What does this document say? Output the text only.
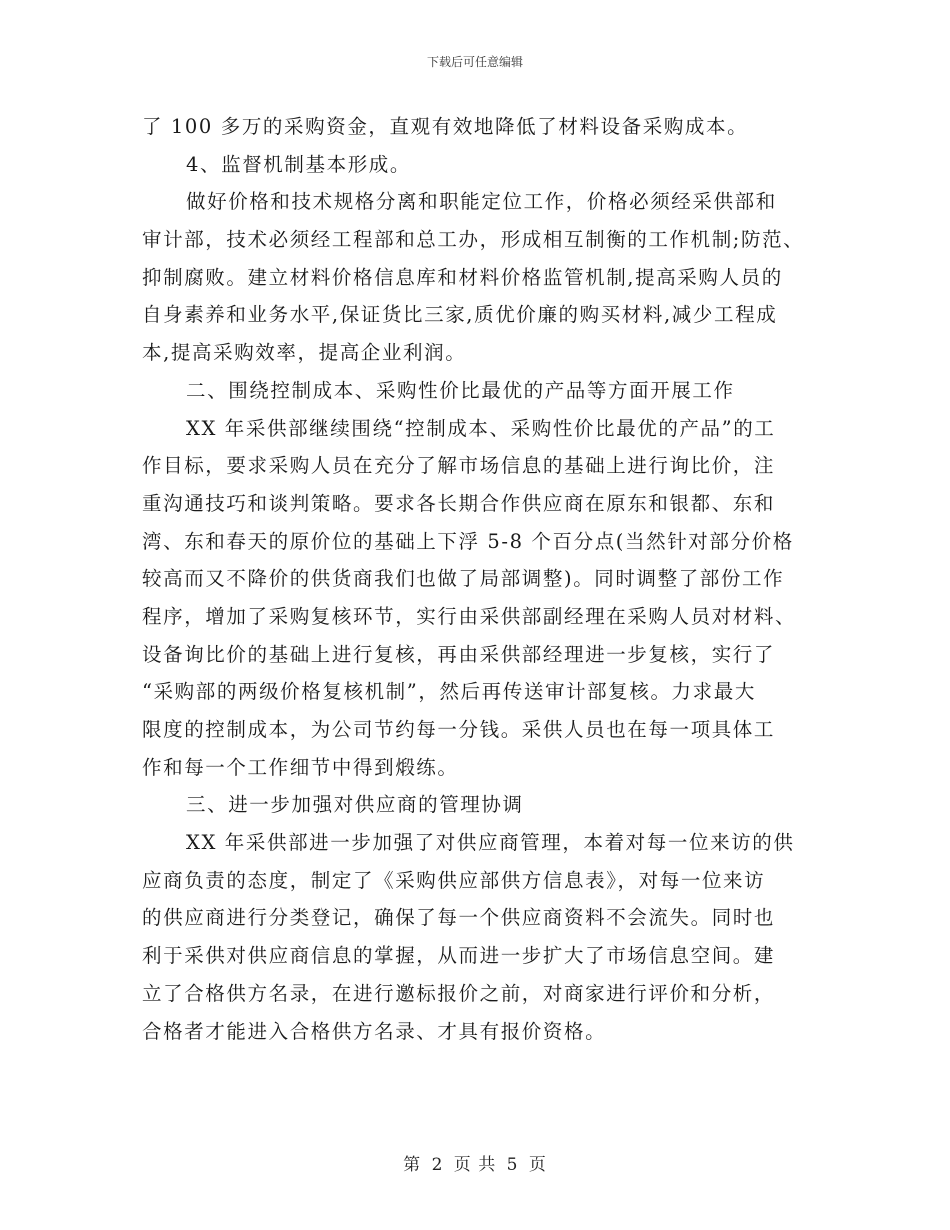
下载后可任意编辑
了 100 多万的采购资金，直观有效地降低了材料设备采购成本。
4、监督机制基本形成。
做好价格和技术规格分离和职能定位工作，价格必须经采供部和
审计部，技术必须经工程部和总工办，形成相互制衡的工作机制;防范、
抑制腐败。建立材料价格信息库和材料价格监管机制,提高采购人员的
自身素养和业务水平,保证货比三家,质优价廉的购买材料,减少工程成
本,提高采购效率，提高企业利润。
二、围绕控制成本、采购性价比最优的产品等方面开展工作
XX 年采供部继续围绕“控制成本、采购性价比最优的产品”的工
作目标，要求采购人员在充分了解市场信息的基础上进行询比价，注
重沟通技巧和谈判策略。要求各长期合作供应商在原东和银都、东和
湾、东和春天的原价位的基础上下浮 5-8 个百分点(当然针对部分价格
较高而又不降价的供货商我们也做了局部调整)。同时调整了部份工作
程序，增加了采购复核环节，实行由采供部副经理在采购人员对材料、
设备询比价的基础上进行复核，再由采供部经理进一步复核，实行了
“采购部的两级价格复核机制”，然后再传送审计部复核。力求最大
限度的控制成本，为公司节约每一分钱。采供人员也在每一项具体工
作和每一个工作细节中得到煅练。
三、进一步加强对供应商的管理协调
XX 年采供部进一步加强了对供应商管理，本着对每一位来访的供
应商负责的态度，制定了《采购供应部供方信息表》，对每一位来访
的供应商进行分类登记，确保了每一个供应商资料不会流失。同时也
利于采供对供应商信息的掌握，从而进一步扩大了市场信息空间。建
立了合格供方名录，在进行邀标报价之前，对商家进行评价和分析，
合格者才能进入合格供方名录、才具有报价资格。
第 2 页 共 5 页
